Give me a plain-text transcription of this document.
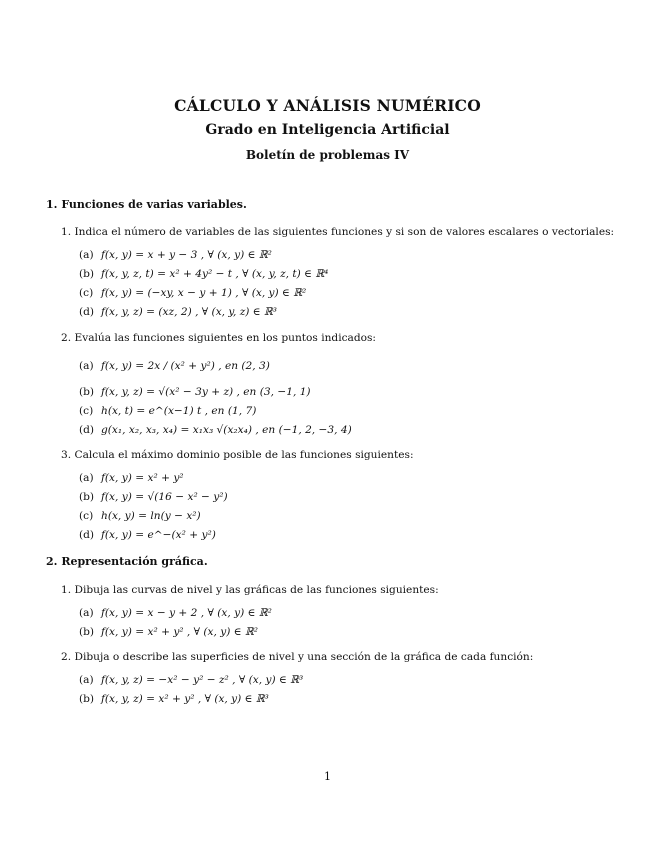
CÁLCULO Y ANÁLISIS NUMÉRICO
Grado en Inteligencia Artificial
Boletín de problemas IV
1. Funciones de varias variables.
1. Indica el número de variables de las siguientes funciones y si son de valores escalares o vectoriales:
(a) f(x, y) = x + y − 3 , ∀ (x, y) ∈ ℝ²
(b) f(x, y, z, t) = x² + 4y² − t , ∀ (x, y, z, t) ∈ ℝ⁴
(c) f(x, y) = (−xy, x − y + 1) , ∀ (x, y) ∈ ℝ²
(d) f(x, y, z) = (xz, 2) , ∀ (x, y, z) ∈ ℝ³
2. Evalúa las funciones siguientes en los puntos indicados:
(a) f(x, y) = 2x / (x² + y²) , en (2, 3)
(b) f(x, y, z) = √(x² − 3y + z) , en (3, −1, 1)
(c) h(x, t) = e^(x−1) t , en (1, 7)
(d) g(x₁, x₂, x₃, x₄) = x₁x₃ √(x₂x₄) , en (−1, 2, −3, 4)
3. Calcula el máximo dominio posible de las funciones siguientes:
(a) f(x, y) = x² + y²
(b) f(x, y) = √(16 − x² − y²)
(c) h(x, y) = ln(y − x²)
(d) f(x, y) = e^−(x² + y²)
2. Representación gráfica.
1. Dibuja las curvas de nivel y las gráficas de las funciones siguientes:
(a) f(x, y) = x − y + 2 , ∀ (x, y) ∈ ℝ²
(b) f(x, y) = x² + y² , ∀ (x, y) ∈ ℝ²
2. Dibuja o describe las superficies de nivel y una sección de la gráfica de cada función:
(a) f(x, y, z) = −x² − y² − z² , ∀ (x, y) ∈ ℝ³
(b) f(x, y, z) = x² + y² , ∀ (x, y) ∈ ℝ³
1
